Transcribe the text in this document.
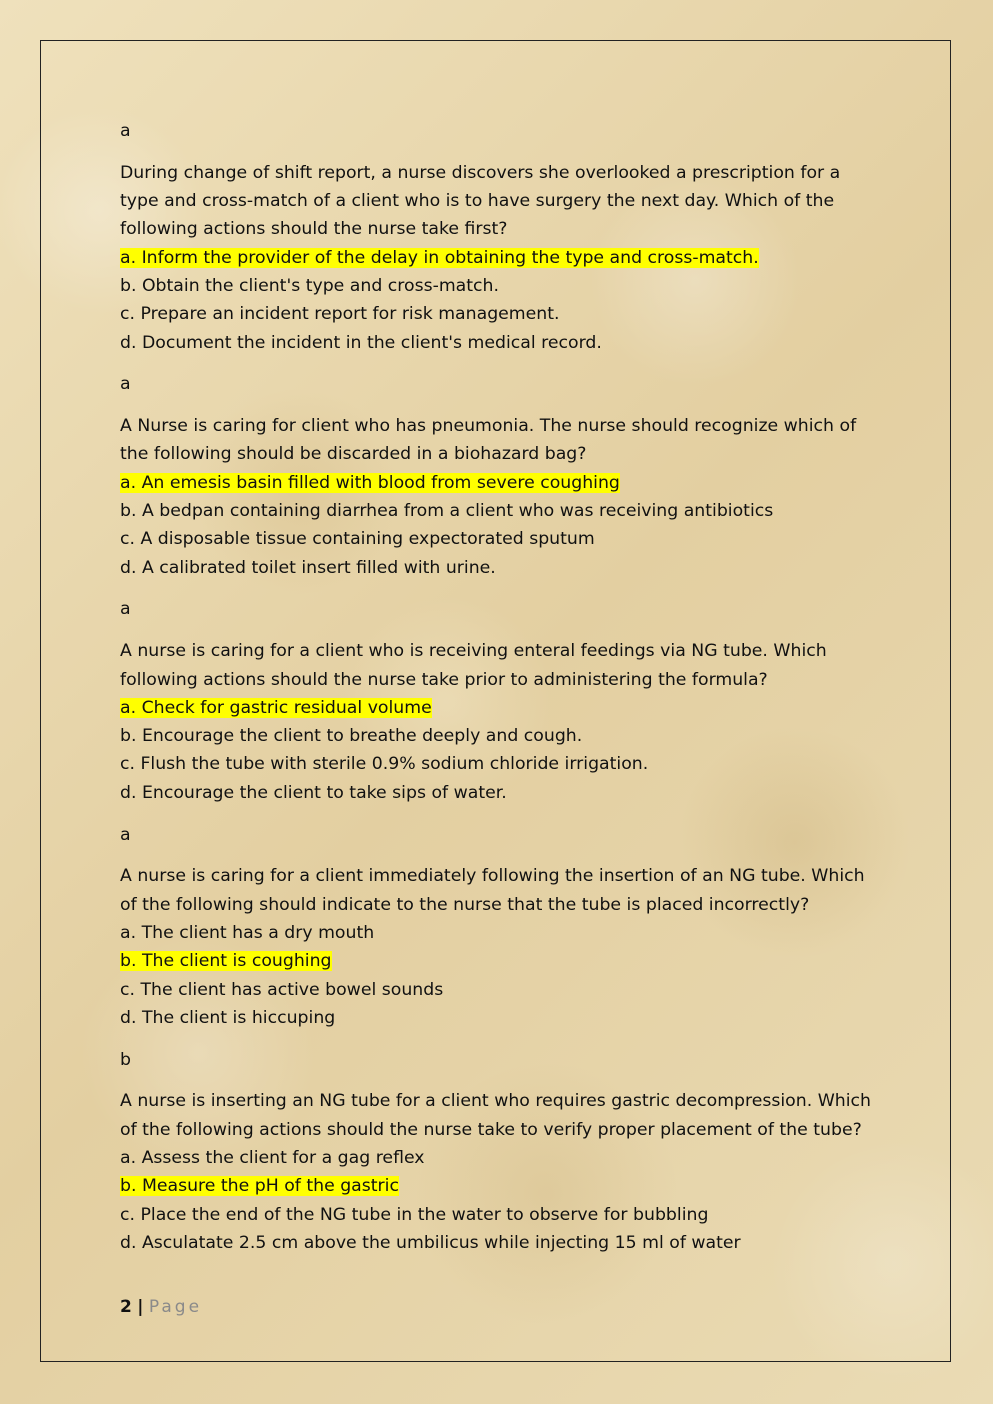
a

During change of shift report, a nurse discovers she overlooked a prescription for a type and cross-match of a client who is to have surgery the next day. Which of the following actions should the nurse take first?

a. Inform the provider of the delay in obtaining the type and cross-match.
b. Obtain the client's type and cross-match.
c. Prepare an incident report for risk management.
d. Document the incident in the client's medical record.
a

A Nurse is caring for client who has pneumonia. The nurse should recognize which of the following should be discarded in a biohazard bag?

a. An emesis basin filled with blood from severe coughing
b. A bedpan containing diarrhea from a client who was receiving antibiotics
c. A disposable tissue containing expectorated sputum
d. A calibrated toilet insert filled with urine.
a

A nurse is caring for a client who is receiving enteral feedings via NG tube. Which following actions should the nurse take prior to administering the formula?

a. Check for gastric residual volume
b. Encourage the client to breathe deeply and cough.
c. Flush the tube with sterile 0.9% sodium chloride irrigation.
d. Encourage the client to take sips of water.
a

A nurse is caring for a client immediately following the insertion of an NG tube. Which of the following should indicate to the nurse that the tube is placed incorrectly?

a. The client has a dry mouth
b. The client is coughing
c. The client has active bowel sounds
d. The client is hiccuping
b

A nurse is inserting an NG tube for a client who requires gastric decompression. Which of the following actions should the nurse take to verify proper placement of the tube?

a. Assess the client for a gag reflex
b. Measure the pH of the gastric
c. Place the end of the NG tube in the water to observe for bubbling
d. Asculatate 2.5 cm above the umbilicus while injecting 15 ml of water
2 | Page
